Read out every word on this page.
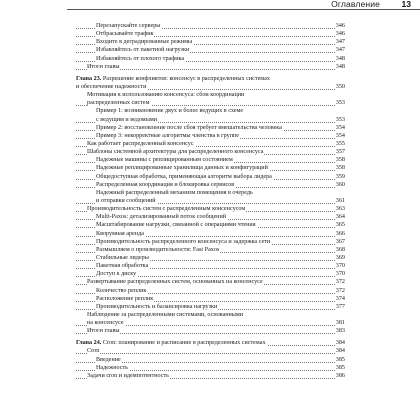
Оглавление 13
Перезапускайте серверы	346
Отбрасывайте трафик	346
Входите в деградированные режимы	347
Избавляйтесь от пакетной нагрузки	347
Избавляйтесь от плохого трафика	348
Итоги главы	348
Глава 23. Разрешение конфликтов: консенсус в распределенных системах
и обеспечение надежности	350
Мотивация к использованию консенсуса: сбои координации
распределенных систем	353
Пример 1: возникновение двух и более ведущих в схеме
с ведущим и ведомыми	353
Пример 2: восстановление после сбоя требует вмешательства человека	354
Пример 3: некорректные алгоритмы членства в группе	354
Как работает распределенный консенсус	355
Шаблоны системной архитектуры для распределенного консенсуса	357
Надежные машины с реплицированным состоянием	358
Надежные реплицированные хранилища данных и конфигураций	358
Общедоступная обработка, применяющая алгоритм выбора лидера	359
Распределенная координация и блокировка сервисов	360
Надежный распределенный механизм помещения в очередь
и отправки сообщений	361
Производительность систем с распределенным консенсусом	363
Multi-Paxos: детализированный поток сообщений	364
Масштабирование нагрузки, связанной с операциями чтения	365
Кворумная аренда	366
Производительность распределенного консенсуса и задержка сети	367
Размышляем о производительности: Fast Paxos	368
Стабильные лидеры	369
Пакетная обработка	370
Доступ к диску	370
Развертывание распределенных систем, основанных на консенсусе	372
Количество реплик	372
Расположение реплик	374
Производительность и балансировка нагрузки	377
Наблюдение за распределенными системами, основанными
на консенсусе	381
Итоги главы	383
Глава 24. Cron: планирование и расписание в распределенных системах	384
Cron	384
Введение	385
Надежность	385
Задачи cron и идемпотентность	386
